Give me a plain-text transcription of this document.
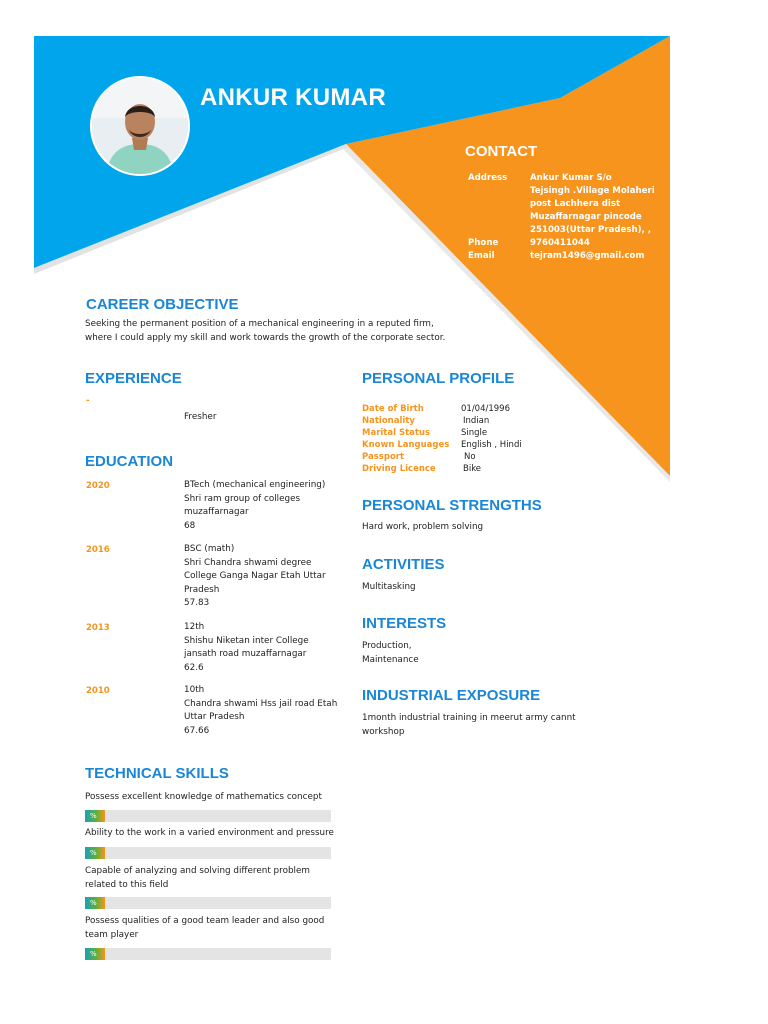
ANKUR KUMAR
CONTACT
Address	Ankur Kumar S/o
Tejsingh .Village Molaheri
post Lachhera dist
Muzaffarnagar pincode
251003(Uttar Pradesh), ,
Phone	9760411044
Email	tejram1496@gmail.com
CAREER OBJECTIVE
Seeking the permanent position of a mechanical engineering in a reputed firm,
where I could apply my skill and work towards the growth of the corporate sector.
EXPERIENCE
-
Fresher
EDUCATION
2020	BTech (mechanical engineering)
Shri ram group of colleges
muzaffarnagar
68
2016	BSC (math)
Shri Chandra shwami degree
College Ganga Nagar Etah Uttar
Pradesh
57.83
2013	12th
Shishu Niketan inter College
jansath road muzaffarnagar
62.6
2010	10th
Chandra shwami Hss jail road Etah
Uttar Pradesh
67.66
TECHNICAL SKILLS
Possess excellent knowledge of mathematics concept
%
Ability to the work in a varied environment and pressure
%
Capable of analyzing and solving different problem
related to this field
%
Possess qualities of a good team leader and also good
team player
%
PERSONAL PROFILE
Date of Birth	01/04/1996
Nationality	Indian
Marital Status	Single
Known Languages English , Hindi
Passport	No
Driving Licence	Bike
PERSONAL STRENGTHS
Hard work, problem solving
ACTIVITIES
Multitasking
INTERESTS
Production,
Maintenance
INDUSTRIAL EXPOSURE
1month industrial training in meerut army cannt
workshop
